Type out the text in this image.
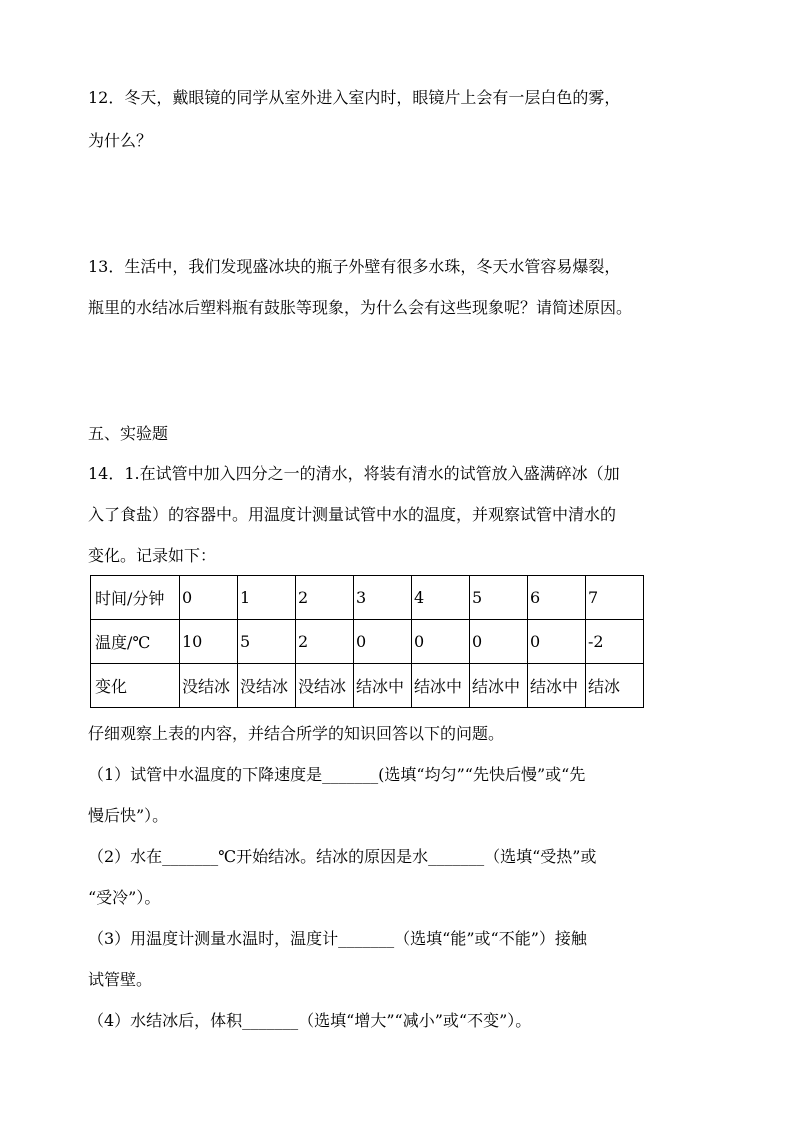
12．冬天，戴眼镜的同学从室外进入室内时，眼镜片上会有一层白色的雾，
为什么？
13．生活中，我们发现盛冰块的瓶子外壁有很多水珠，冬天水管容易爆裂，
瓶里的水结冰后塑料瓶有鼓胀等现象，为什么会有这些现象呢？请简述原因。
五、实验题
14．1.在试管中加入四分之一的清水，将装有清水的试管放入盛满碎冰（加
入了食盐）的容器中。用温度计测量试管中水的温度，并观察试管中清水的
变化。记录如下：
时间/分钟	0	1	2	3	4	5	6	7
温度/℃	10	5	2	0	0	0	0	-2
变化	没结冰	没结冰	没结冰	结冰中	结冰中	结冰中	结冰中	结冰
仔细观察上表的内容，并结合所学的知识回答以下的问题。
（1）试管中水温度的下降速度是_______(选填“均匀”“先快后慢”或“先
慢后快”）。
（2）水在_______℃开始结冰。结冰的原因是水_______（选填“受热”或
“受冷”）。
（3）用温度计测量水温时，温度计_______（选填“能”或“不能”）接触
试管壁。
（4）水结冰后，体积_______（选填“增大”“减小”或“不变”）。
